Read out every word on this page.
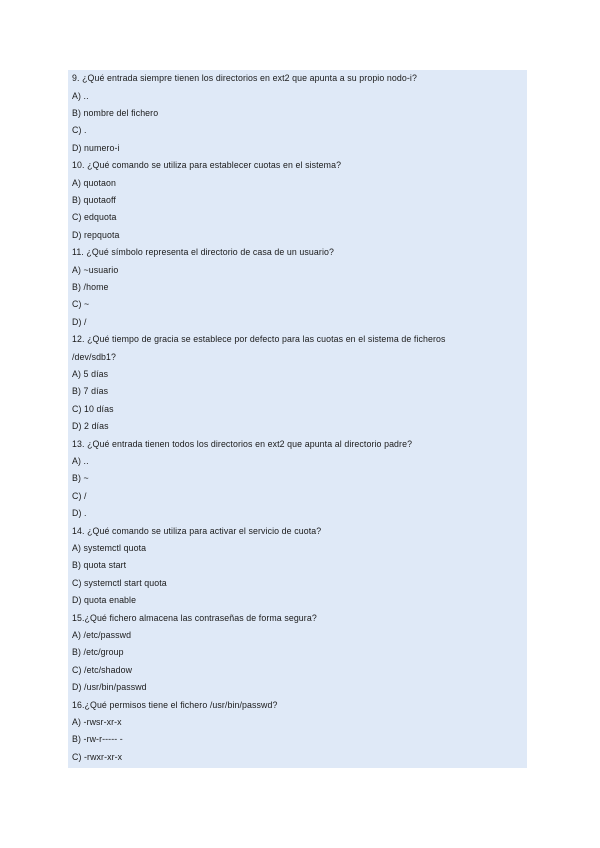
9. ¿Qué entrada siempre tienen los directorios en ext2 que apunta a su propio nodo-i?
A) ..
B) nombre del fichero
C) .
D) numero-i
10. ¿Qué comando se utiliza para establecer cuotas en el sistema?
A) quotaon
B) quotaoff
C) edquota
D) repquota
11. ¿Qué símbolo representa el directorio de casa de un usuario?
A) ~usuario
B) /home
C) ~
D) /
12. ¿Qué tiempo de gracia se establece por defecto para las cuotas en el sistema de ficheros
/dev/sdb1?
A) 5 días
B) 7 días
C) 10 días
D) 2 días
13. ¿Qué entrada tienen todos los directorios en ext2 que apunta al directorio padre?
A) ..
B) ~
C) /
D) .
14. ¿Qué comando se utiliza para activar el servicio de cuota?
A) systemctl quota
B) quota start
C) systemctl start quota
D) quota enable
15.¿Qué fichero almacena las contraseñas de forma segura?
A) /etc/passwd
B) /etc/group
C) /etc/shadow
D) /usr/bin/passwd
16.¿Qué permisos tiene el fichero /usr/bin/passwd?
A) -rwsr-xr-x
B) -rw-r----- -
C) -rwxr-xr-x
